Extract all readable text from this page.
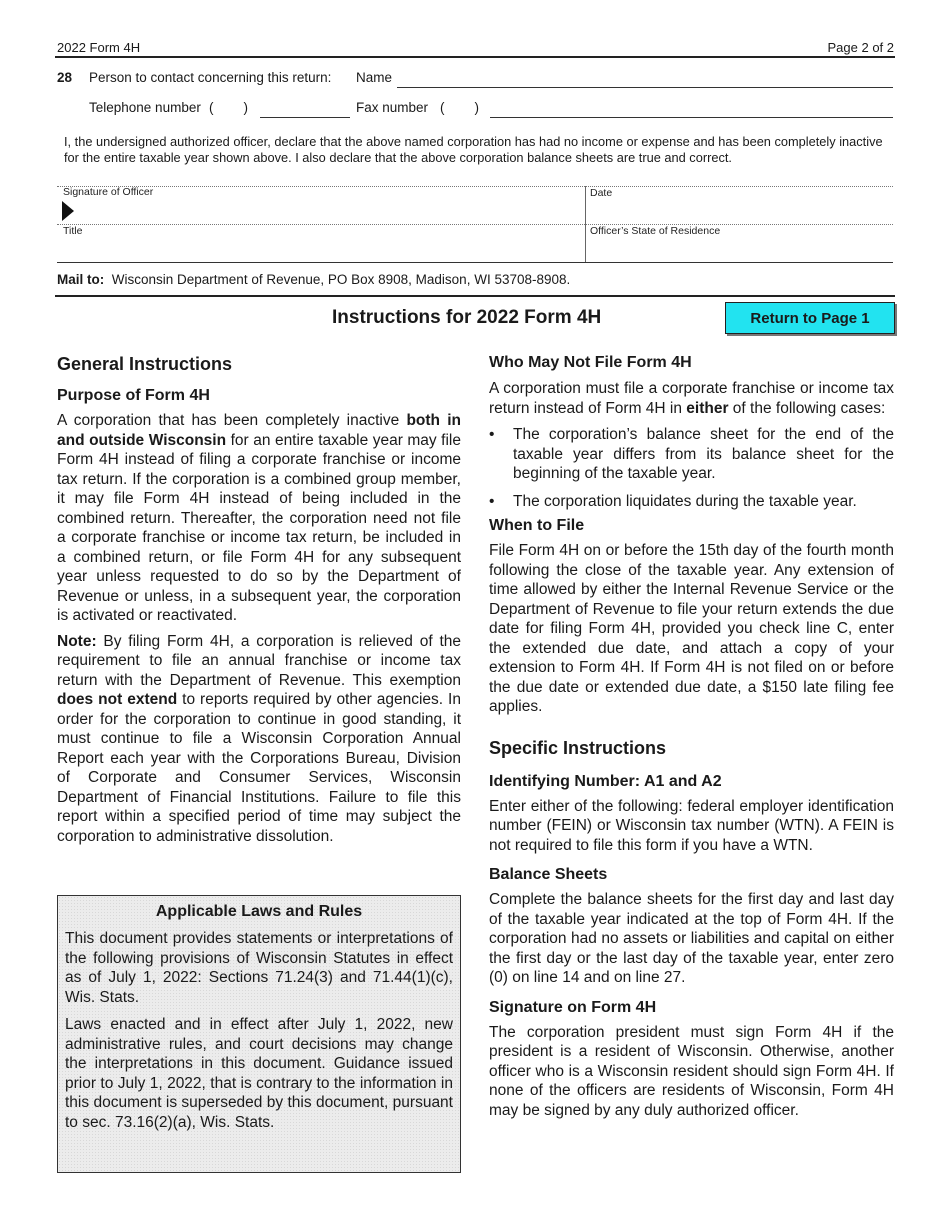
2022 Form 4H	Page 2 of 2
28 Person to contact concerning this return: Name
Telephone number (        )	Fax number (        )
I, the undersigned authorized officer, declare that the above named corporation has had no income or expense and has been completely inactive for the entire taxable year shown above. I also declare that the above corporation balance sheets are true and correct.
Signature of Officer	Date
Title	Officer’s State of Residence
Mail to: Wisconsin Department of Revenue, PO Box 8908, Madison, WI 53708-8908.
Instructions for 2022 Form 4H	Return to Page 1
General Instructions
Purpose of Form 4H
A corporation that has been completely inactive both in and outside Wisconsin for an entire taxable year may file Form 4H instead of filing a corporate franchise or income tax return. If the corporation is a combined group member, it may file Form 4H instead of being included in the combined return. Thereafter, the corporation need not file a corporate franchise or income tax return, be included in a combined return, or file Form 4H for any subsequent year unless requested to do so by the Department of Revenue or unless, in a subsequent year, the corporation is activated or reactivated.
Note: By filing Form 4H, a corporation is relieved of the requirement to file an annual franchise or income tax return with the Department of Revenue. This exemption does not extend to reports required by other agencies. In order for the corporation to continue in good standing, it must continue to file a Wisconsin Corporation Annual Report each year with the Corporations Bureau, Division of Corporate and Consumer Services, Wisconsin Department of Financial Institutions. Failure to file this report within a specified period of time may subject the corporation to administrative dissolution.
Applicable Laws and Rules
This document provides statements or interpretations of the following provisions of Wisconsin Statutes in effect as of July 1, 2022: Sections 71.24(3) and 71.44(1)(c), Wis. Stats.
Laws enacted and in effect after July 1, 2022, new administrative rules, and court decisions may change the interpretations in this document. Guidance issued prior to July 1, 2022, that is contrary to the information in this document is superseded by this document, pursuant to sec. 73.16(2)(a), Wis. Stats.
Who May Not File Form 4H
A corporation must file a corporate franchise or income tax return instead of Form 4H in either of the following cases:
• The corporation’s balance sheet for the end of the taxable year differs from its balance sheet for the beginning of the taxable year.
• The corporation liquidates during the taxable year.
When to File
File Form 4H on or before the 15th day of the fourth month following the close of the taxable year. Any extension of time allowed by either the Internal Revenue Service or the Department of Revenue to file your return extends the due date for filing Form 4H, provided you check line C, enter the extended due date, and attach a copy of your extension to Form 4H. If Form 4H is not filed on or before the due date or extended due date, a $150 late filing fee applies.
Specific Instructions
Identifying Number: A1 and A2
Enter either of the following: federal employer identification number (FEIN) or Wisconsin tax number (WTN). A FEIN is not required to file this form if you have a WTN.
Balance Sheets
Complete the balance sheets for the first day and last day of the taxable year indicated at the top of Form 4H. If the corporation had no assets or liabilities and capital on either the first day or the last day of the taxable year, enter zero (0) on line 14 and on line 27.
Signature on Form 4H
The corporation president must sign Form 4H if the president is a resident of Wisconsin. Otherwise, another officer who is a Wisconsin resident should sign Form 4H. If none of the officers are residents of Wisconsin, Form 4H may be signed by any duly authorized officer.
